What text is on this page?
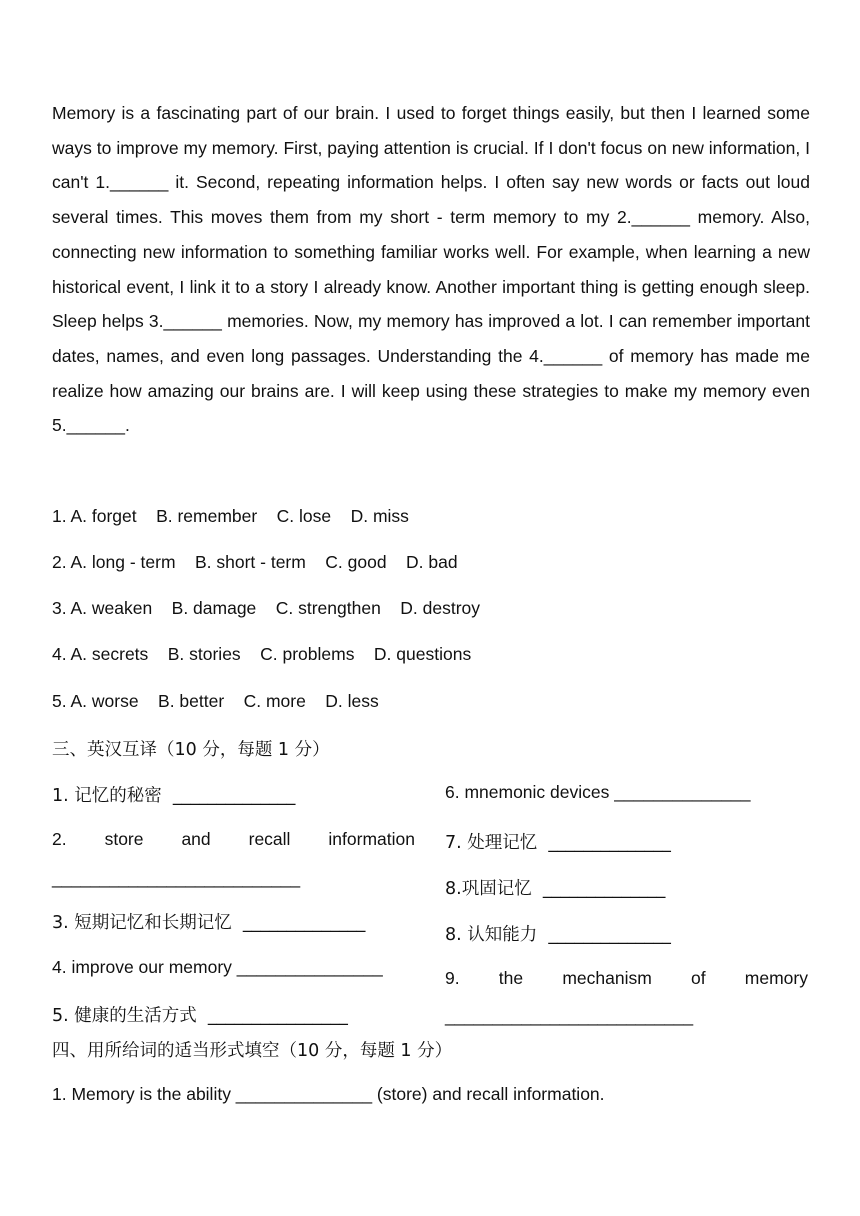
Memory is a fascinating part of our brain. I used to forget things easily, but then I learned some ways to improve my memory. First, paying attention is crucial. If I don't focus on new information, I can't 1.______ it. Second, repeating information helps. I often say new words or facts out loud several times. This moves them from my short - term memory to my 2.______ memory. Also, connecting new information to something familiar works well. For example, when learning a new historical event, I link it to a story I already know. Another important thing is getting enough sleep. Sleep helps 3.______ memories. Now, my memory has improved a lot. I can remember important dates, names, and even long passages. Understanding the 4.______ of memory has made me realize how amazing our brains are. I will keep using these strategies to make my memory even 5.______.

1. A. forget    B. remember    C. lose    D. miss
2. A. long - term    B. short - term    C. good    D. bad
3. A. weaken    B. damage    C. strengthen    D. destroy
4. A. secrets    B. stories    C. problems    D. questions
5. A. worse    B. better    C. more    D. less
三、英汉互译（10 分，每题 1 分）
1. 记忆的秘密  ______________
2. store and recall information
__________________________
3. 短期记忆和长期记忆  ______________
4. improve our memory _______________
5. 健康的生活方式  ________________
6. mnemonic devices ______________
7. 处理记忆  ______________
8.巩固记忆  ______________
8. 认知能力  ______________
9. the mechanism of memory
__________________________
四、用所给词的适当形式填空（10 分，每题 1 分）
1. Memory is the ability ______________ (store) and recall information.
